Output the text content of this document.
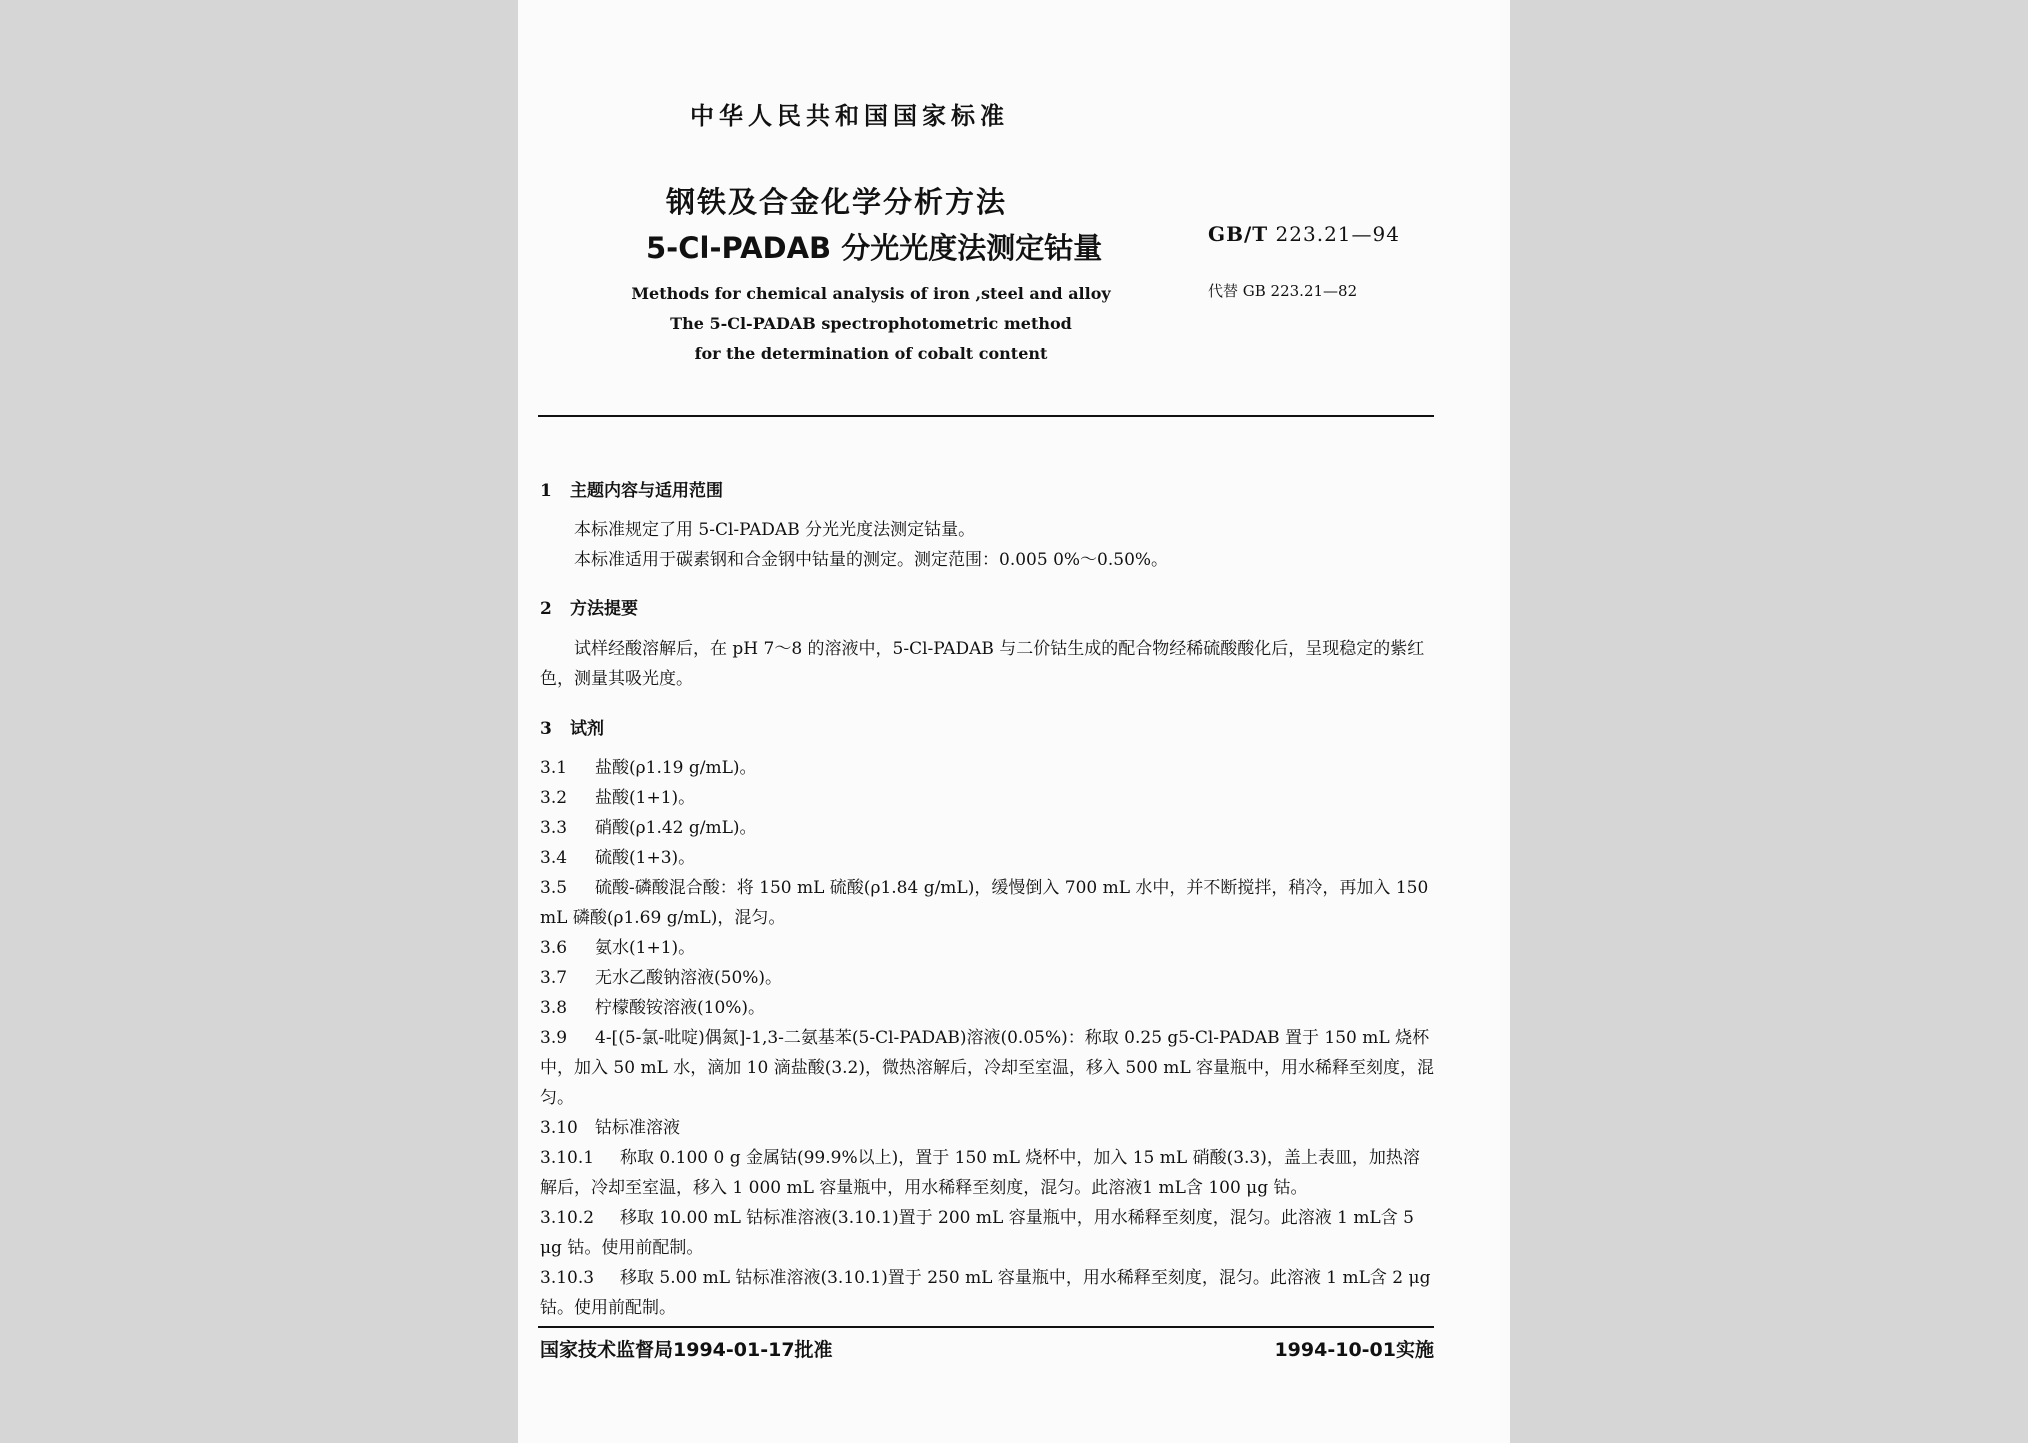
中华人民共和国国家标准
钢铁及合金化学分析方法
5-Cl-PADAB 分光光度法测定钴量	GB/T 223.21—94
代替 GB 223.21—82
Methods for chemical analysis of iron ,steel and alloy
The 5-Cl-PADAB spectrophotometric method
for the determination of cobalt content
1 主题内容与适用范围
本标准规定了用 5-Cl-PADAB 分光光度法测定钴量。
本标准适用于碳素钢和合金钢中钴量的测定。测定范围：0.005 0%～0.50%。
2 方法提要
试样经酸溶解后，在 pH 7～8 的溶液中，5-Cl-PADAB 与二价钴生成的配合物经稀硫酸酸化后，呈现稳定的紫红色，测量其吸光度。
3 试剂
3.1 盐酸(ρ1.19 g/mL)。
3.2 盐酸(1+1)。
3.3 硝酸(ρ1.42 g/mL)。
3.4 硫酸(1+3)。
3.5 硫酸-磷酸混合酸：将 150 mL 硫酸(ρ1.84 g/mL)，缓慢倒入 700 mL 水中，并不断搅拌，稍冷，再加入 150 mL 磷酸(ρ1.69 g/mL)，混匀。
3.6 氨水(1+1)。
3.7 无水乙酸钠溶液(50%)。
3.8 柠檬酸铵溶液(10%)。
3.9 4-[(5-氯-吡啶)偶氮]-1,3-二氨基苯(5-Cl-PADAB)溶液(0.05%)：称取 0.25 g5-Cl-PADAB 置于 150 mL 烧杯中，加入 50 mL 水，滴加 10 滴盐酸(3.2)，微热溶解后，冷却至室温，移入 500 mL 容量瓶中，用水稀释至刻度，混匀。
3.10 钴标准溶液
3.10.1 称取 0.100 0 g 金属钴(99.9%以上)，置于 150 mL 烧杯中，加入 15 mL 硝酸(3.3)，盖上表皿，加热溶解后，冷却至室温，移入 1 000 mL 容量瓶中，用水稀释至刻度，混匀。此溶液1 mL含 100 μg 钴。
3.10.2 移取 10.00 mL 钴标准溶液(3.10.1)置于 200 mL 容量瓶中，用水稀释至刻度，混匀。此溶液 1 mL含 5 μg 钴。使用前配制。
3.10.3 移取 5.00 mL 钴标准溶液(3.10.1)置于 250 mL 容量瓶中，用水稀释至刻度，混匀。此溶液 1 mL含 2 μg 钴。使用前配制。
国家技术监督局1994-01-17批准	1994-10-01实施
